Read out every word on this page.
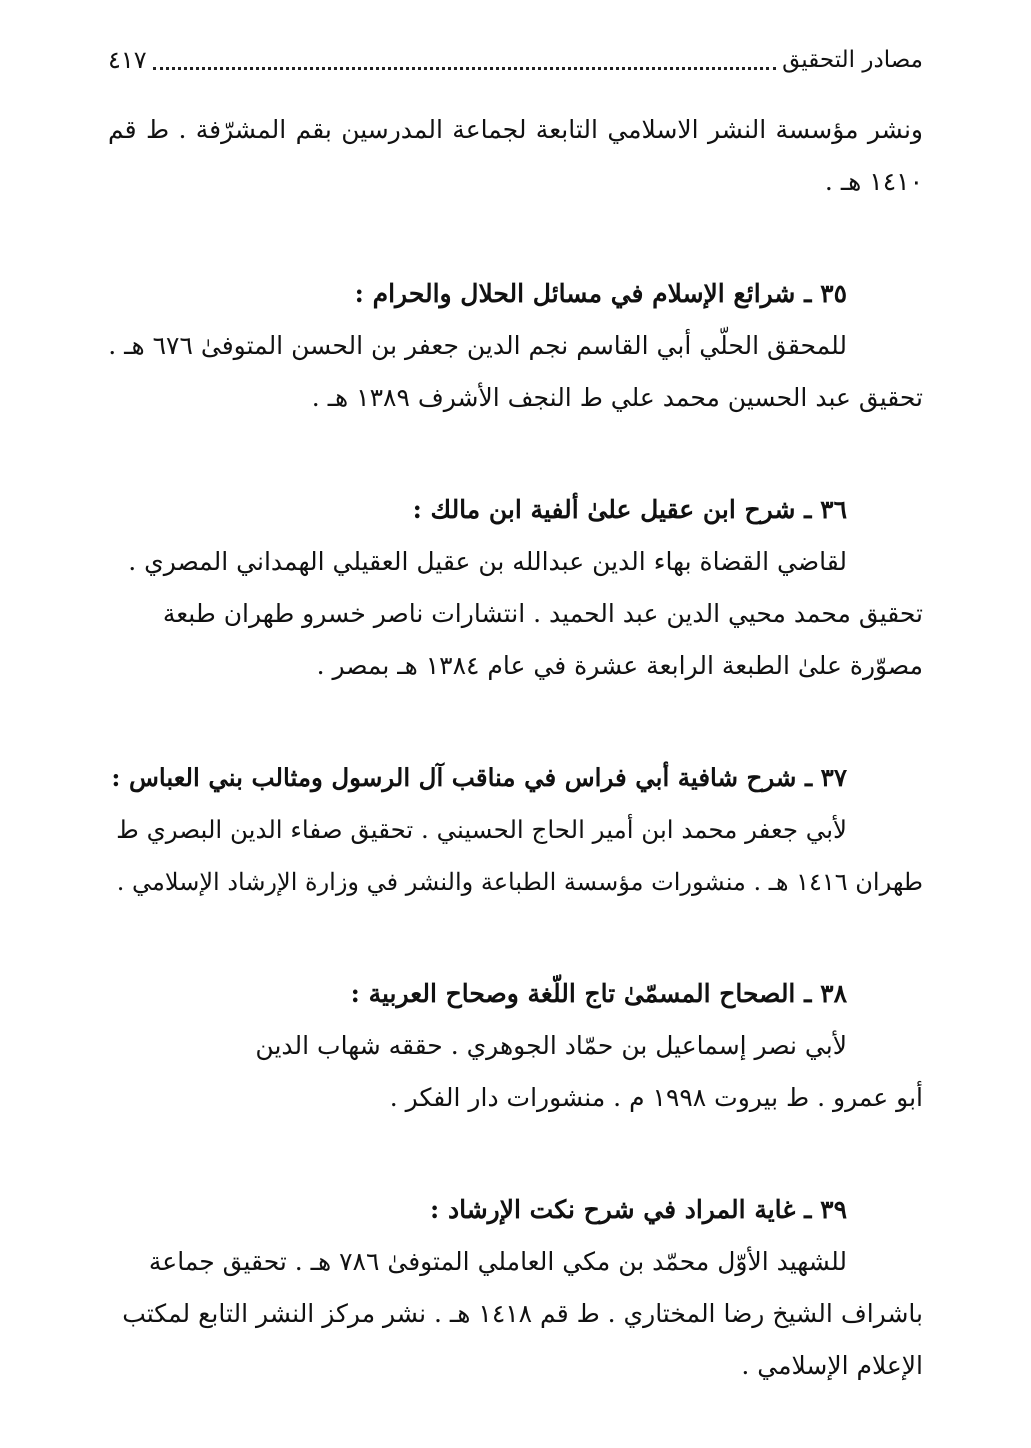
٤١٧	مصادر التحقيق
ونشر مؤسسة النشر الاسلامي التابعة لجماعة المدرسين بقم المشرّفة . ط قم
١٤١٠ هـ .
٣٥ ـ شرائع الإسلام في مسائل الحلال والحرام :
للمحقق الحلّي أبي القاسم نجم الدين جعفر بن الحسن المتوفىٰ ٦٧٦ هـ .
تحقيق عبد الحسين محمد علي ط النجف الأشرف ١٣٨٩ هـ .
٣٦ ـ شرح ابن عقيل علىٰ ألفية ابن مالك :
لقاضي القضاة بهاء الدين عبدالله بن عقيل العقيلي الهمداني المصري .
تحقيق محمد محيي الدين عبد الحميد . انتشارات ناصر خسرو طهران طبعة
مصوّرة علىٰ الطبعة الرابعة عشرة في عام ١٣٨٤ هـ بمصر .
٣٧ ـ شرح شافية أبي فراس في مناقب آل الرسول ومثالب بني العباس :
لأبي جعفر محمد ابن أمير الحاج الحسيني . تحقيق صفاء الدين البصري ط
طهران ١٤١٦ هـ . منشورات مؤسسة الطباعة والنشر في وزارة الإرشاد الإسلامي .
٣٨ ـ الصحاح المسمّىٰ تاج اللّغة وصحاح العربية :
لأبي نصر إسماعيل بن حمّاد الجوهري . حققه شهاب الدين
أبو عمرو . ط بيروت ١٩٩٨ م . منشورات دار الفكر .
٣٩ ـ غاية المراد في شرح نكت الإرشاد :
للشهيد الأوّل محمّد بن مكي العاملي المتوفىٰ ٧٨٦ هـ . تحقيق جماعة
باشراف الشيخ رضا المختاري . ط قم ١٤١٨ هـ . نشر مركز النشر التابع لمكتب
الإعلام الإسلامي .
